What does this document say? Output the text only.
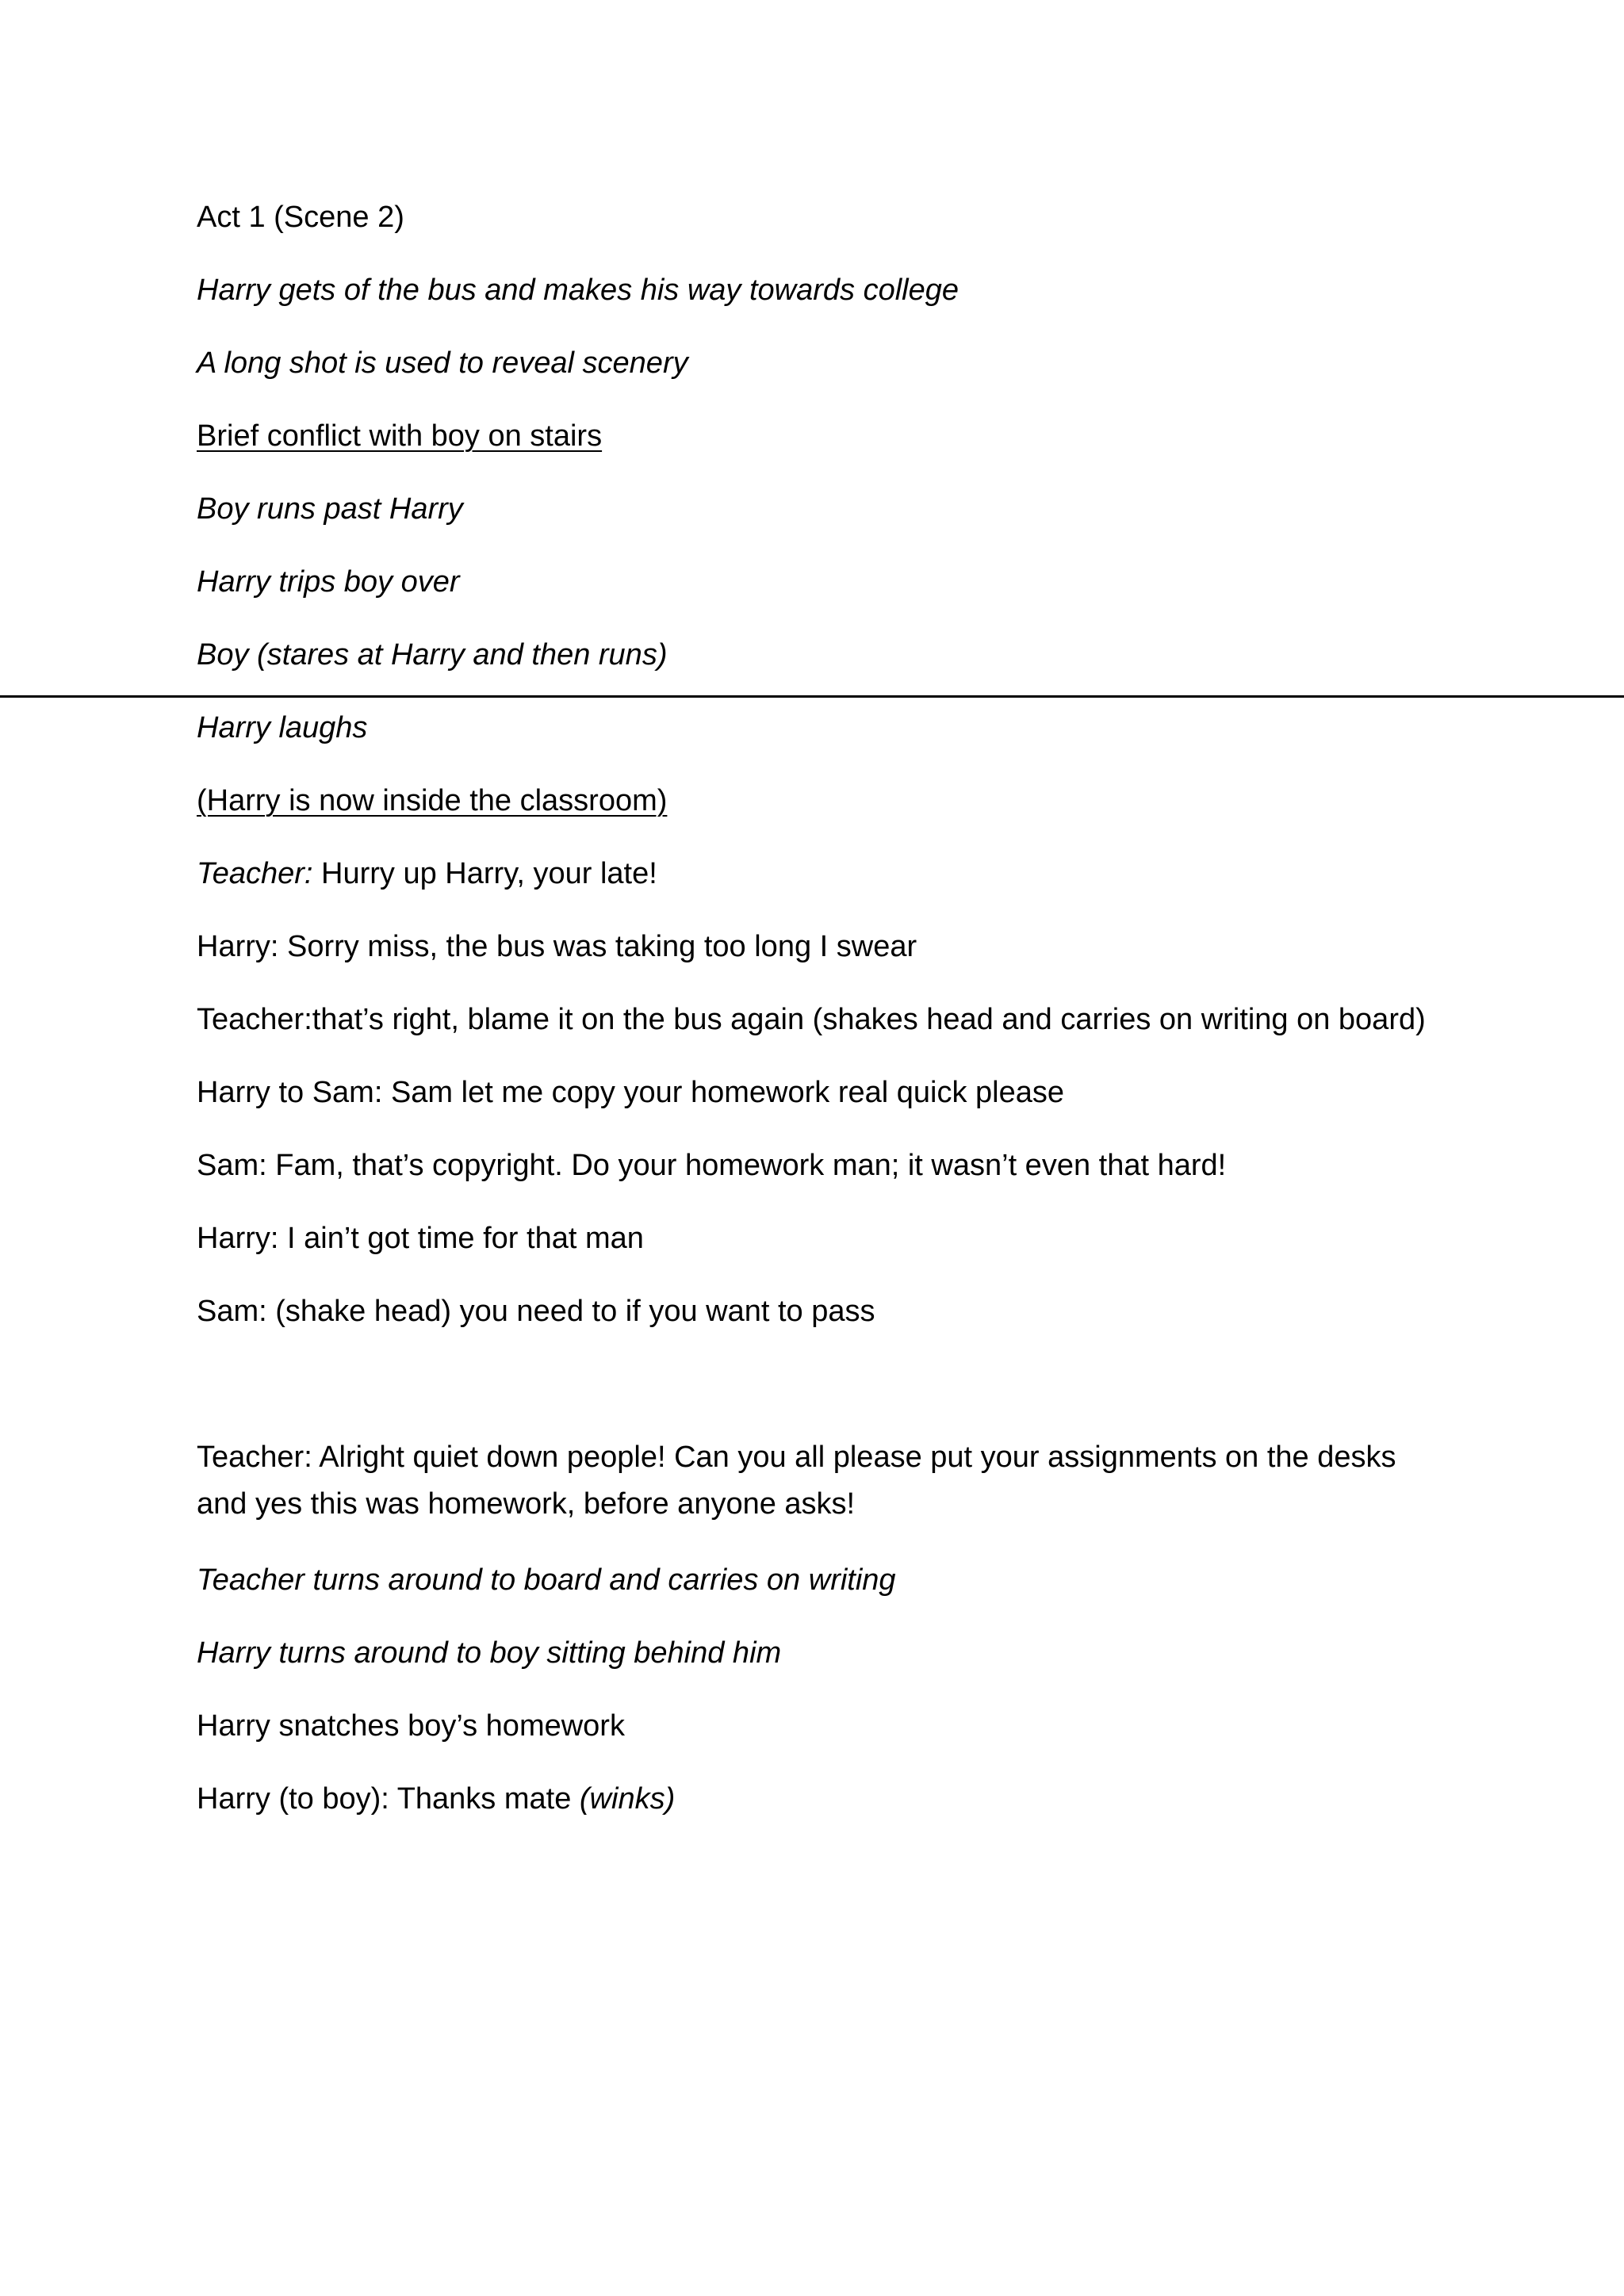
Act 1 (Scene 2)

Harry gets of the bus and makes his way towards college

A long shot is used to reveal scenery

Brief conflict with boy on stairs

Boy runs past Harry

Harry trips boy over

Boy (stares at Harry and then runs)

Harry laughs

(Harry is now inside the classroom)

Teacher: Hurry up Harry, your late!

Harry: Sorry miss, the bus was taking too long I swear

Teacher:that’s right, blame it on the bus again (shakes head and carries on writing on board)

Harry to Sam: Sam let me copy your homework real quick please

Sam: Fam, that’s copyright. Do your homework man; it wasn’t even that hard!

Harry: I ain’t got time for that man

Sam: (shake head) you need to if you want to pass

Teacher: Alright quiet down people! Can you all please put your assignments on the desks

and yes this was homework, before anyone asks!

Teacher turns around to board and carries on writing

Harry turns around to boy sitting behind him

Harry snatches boy’s homework

Harry (to boy): Thanks mate (winks)
